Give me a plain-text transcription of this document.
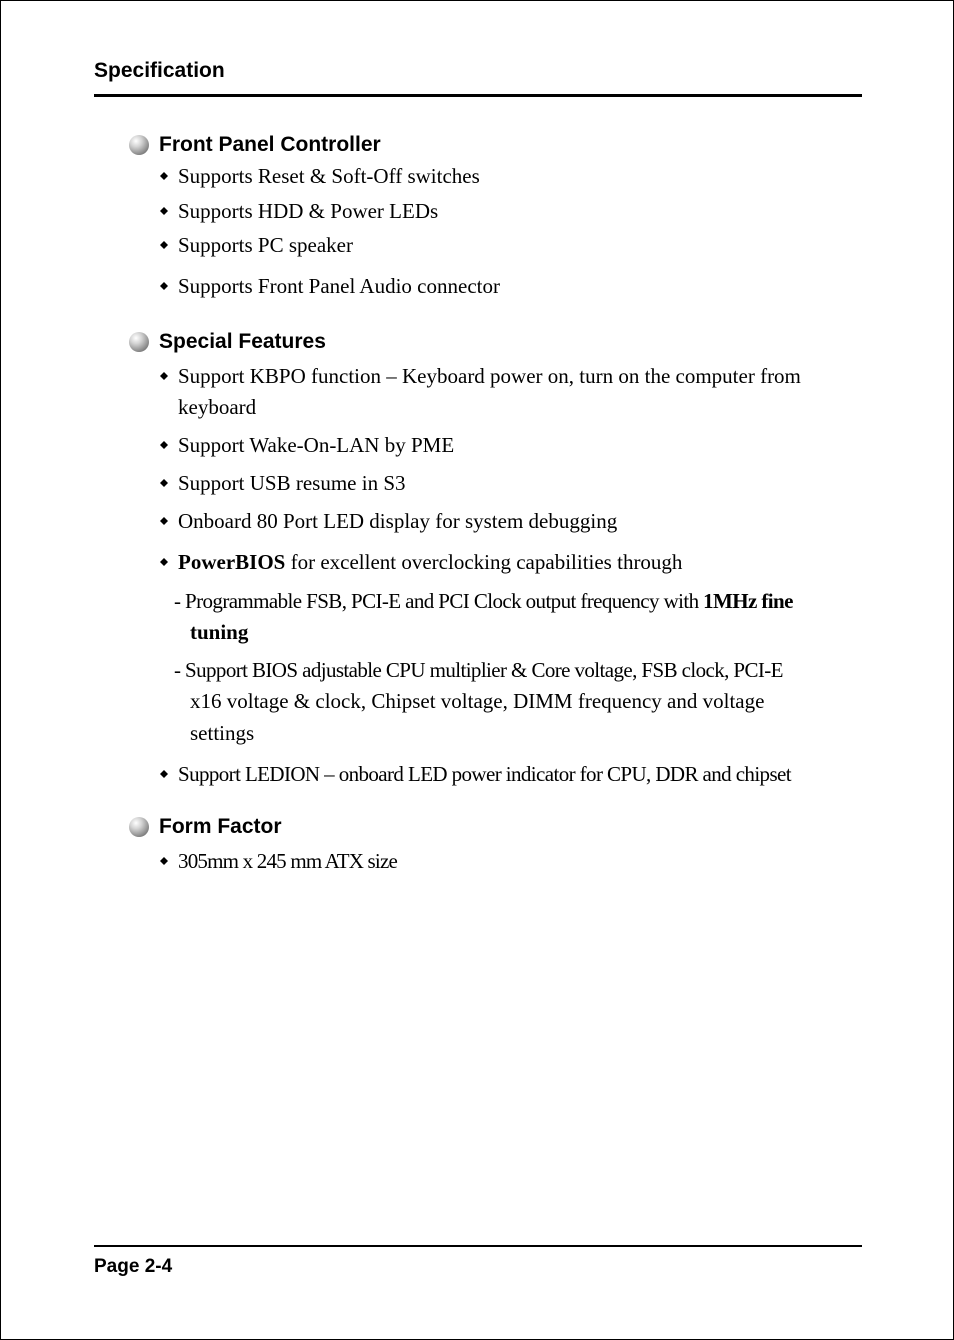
Specification
Front Panel Controller
Supports Reset & Soft-Off switches
Supports HDD & Power LEDs
Supports PC speaker
Supports Front Panel Audio connector
Special Features
Support KBPO function – Keyboard power on, turn on the computer from
keyboard
Support Wake-On-LAN by PME
Support USB resume in S3
Onboard 80 Port LED display for system debugging
PowerBIOS for excellent overclocking capabilities through
- Programmable FSB, PCI-E and PCI Clock output frequency with 1MHz fine
tuning
- Support BIOS adjustable CPU multiplier & Core voltage, FSB clock, PCI-E
x16 voltage & clock, Chipset voltage, DIMM frequency and voltage
settings
Support LEDION – onboard LED power indicator for CPU, DDR and chipset
Form Factor
305mm x 245 mm ATX size
Page 2-4
